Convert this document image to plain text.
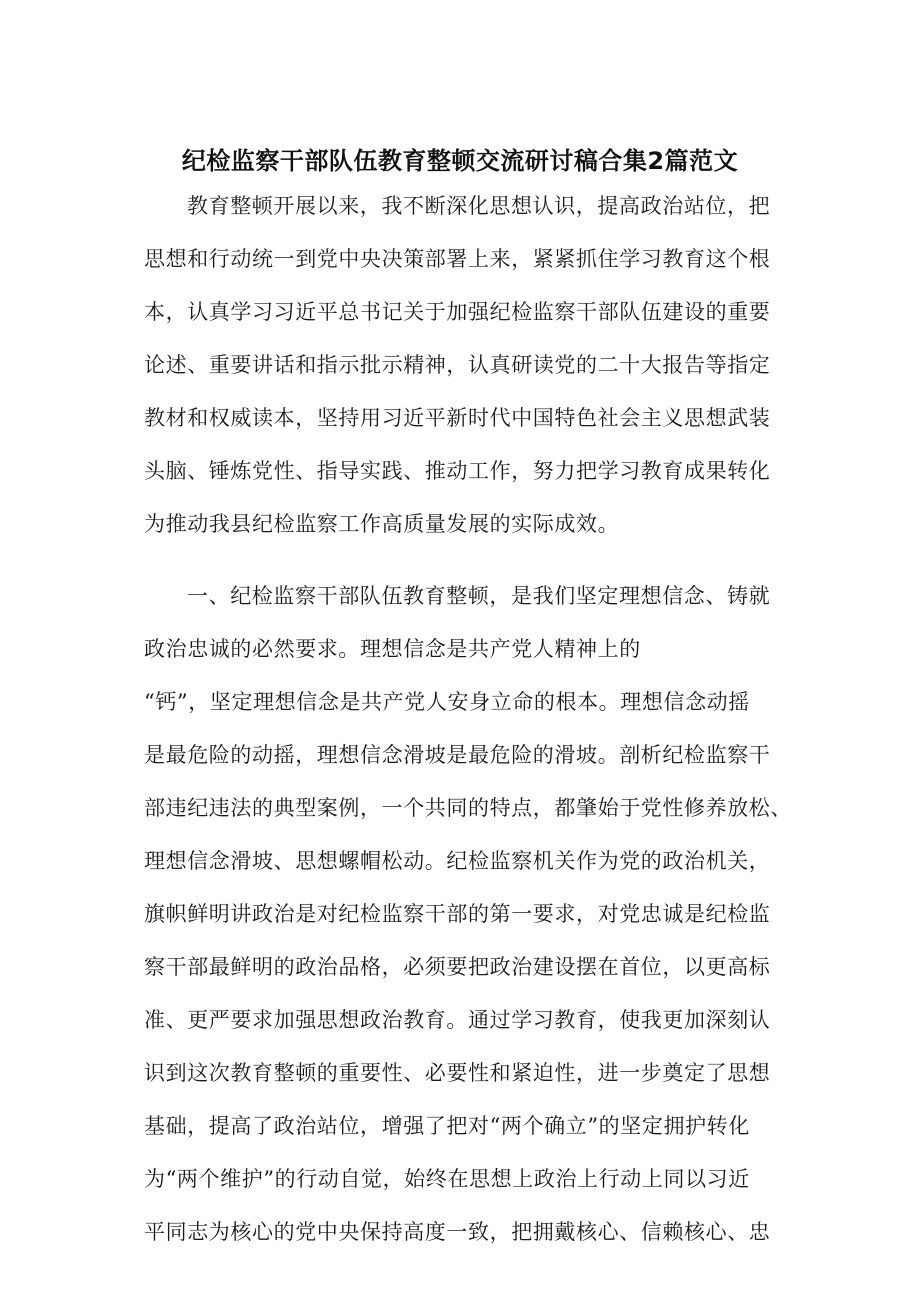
纪检监察干部队伍教育整顿交流研讨稿合集2篇范文
教育整顿开展以来，我不断深化思想认识，提高政治站位，把
思想和行动统一到党中央决策部署上来，紧紧抓住学习教育这个根
本，认真学习习近平总书记关于加强纪检监察干部队伍建设的重要
论述、重要讲话和指示批示精神，认真研读党的二十大报告等指定
教材和权威读本，坚持用习近平新时代中国特色社会主义思想武装
头脑、锤炼党性、指导实践、推动工作，努力把学习教育成果转化
为推动我县纪检监察工作高质量发展的实际成效。
一、纪检监察干部队伍教育整顿，是我们坚定理想信念、铸就
政治忠诚的必然要求。理想信念是共产党人精神上的
“钙”，坚定理想信念是共产党人安身立命的根本。理想信念动摇
是最危险的动摇，理想信念滑坡是最危险的滑坡。剖析纪检监察干
部违纪违法的典型案例，一个共同的特点，都肇始于党性修养放松、
理想信念滑坡、思想螺帽松动。纪检监察机关作为党的政治机关，
旗帜鲜明讲政治是对纪检监察干部的第一要求，对党忠诚是纪检监
察干部最鲜明的政治品格，必须要把政治建设摆在首位，以更高标
准、更严要求加强思想政治教育。通过学习教育，使我更加深刻认
识到这次教育整顿的重要性、必要性和紧迫性，进一步奠定了思想
基础，提高了政治站位，增强了把对“两个确立”的坚定拥护转化
为“两个维护”的行动自觉，始终在思想上政治上行动上同以习近
平同志为核心的党中央保持高度一致，把拥戴核心、信赖核心、忠
